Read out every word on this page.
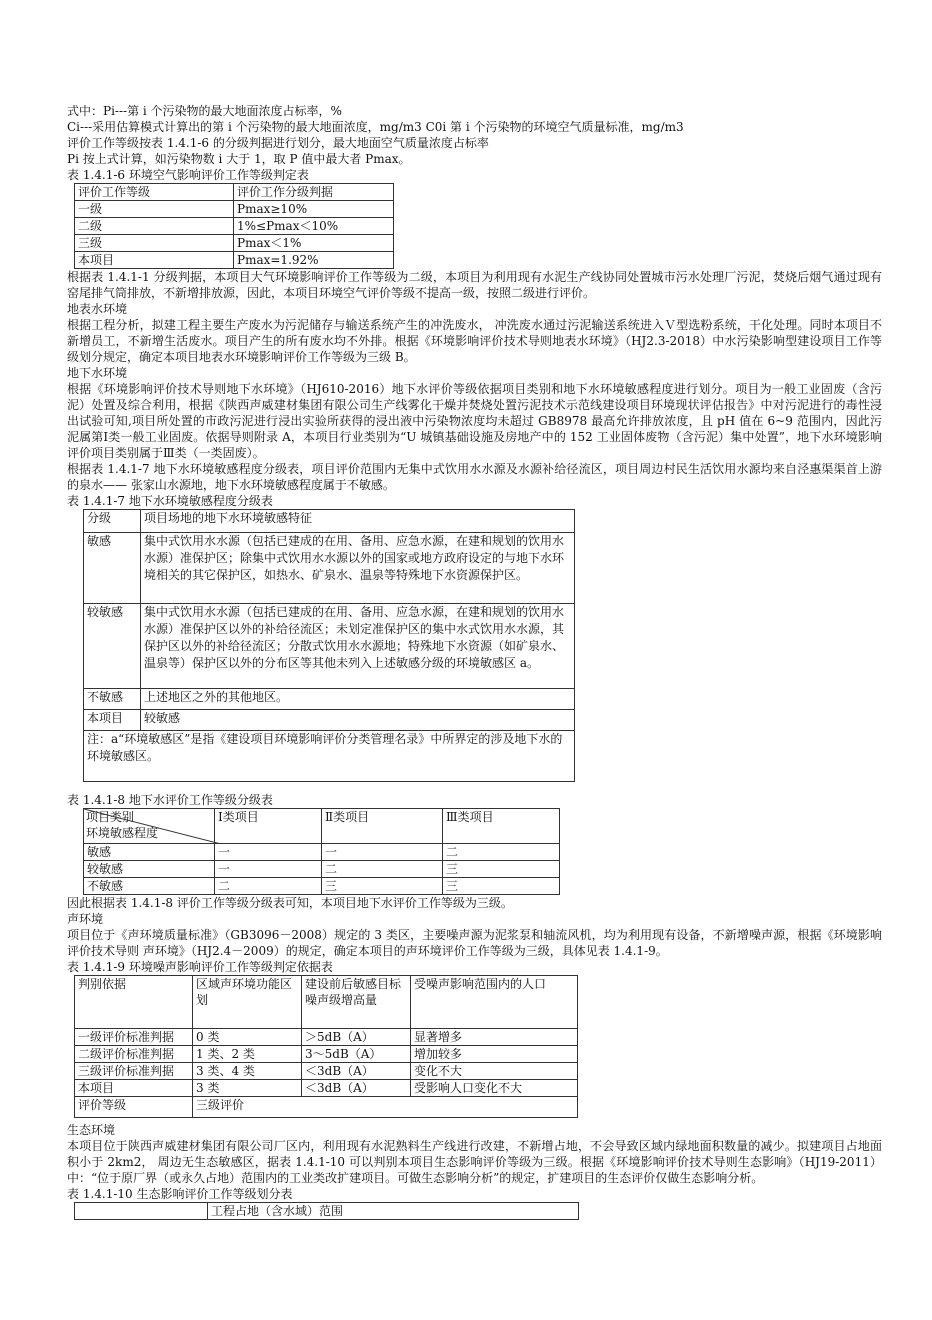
式中：Pi---第 i 个污染物的最大地面浓度占标率，%

Ci---采用估算模式计算出的第 i 个污染物的最大地面浓度，mg/m3 C0i 第 i 个污染物的环境空气质量标准，mg/m3

评价工作等级按表 1.4.1-6 的分级判据进行划分，最大地面空气质量浓度占标率

Pi 按上式计算，如污染物数 i 大于 1，取 P 值中最大者 Pmax。

表 1.4.1-6 环境空气影响评价工作等级判定表

评价工作等级	评价工作分级判据
一级	Pmax≥10%
二级	1%≤Pmax＜10%
三级	Pmax＜1%
本项目	Pmax=1.92%

根据表 1.4.1-1 分级判据，本项目大气环境影响评价工作等级为二级，本项目为利用现有水泥生产线协同处置城市污水处理厂污泥，焚烧后烟气通过现有窑尾排气筒排放，不新增排放源，因此，本项目环境空气评价等级不提高一级，按照二级进行评价。

地表水环境

根据工程分析，拟建工程主要生产废水为污泥储存与输送系统产生的冲洗废水， 冲洗废水通过污泥输送系统进入Ｖ型选粉系统，干化处理。同时本项目不新增员工，不新增生活废水。项目产生的所有废水均不外排。根据《环境影响评价技术导则地表水环境》（HJ2.3-2018）中水污染影响型建设项目工作等级划分规定，确定本项目地表水环境影响评价工作等级为三级 B。

地下水环境

根据《环境影响评价技术导则地下水环境》（HJ610-2016）地下水评价等级依据项目类别和地下水环境敏感程度进行划分。项目为一般工业固废（含污泥）处置及综合利用，根据《陕西声威建材集团有限公司生产线雾化干燥并焚烧处置污泥技术示范线建设项目环境现状评估报告》中对污泥进行的毒性浸出试验可知,项目所处置的市政污泥进行浸出实验所获得的浸出液中污染物浓度均未超过 GB8978 最高允许排放浓度，且 pH 值在 6~9 范围内，因此污泥属第Ⅰ类一般工业固废。依据导则附录 A，本项目行业类别为“U 城镇基础设施及房地产中的 152 工业固体废物（含污泥）集中处置”，地下水环境影响评价项目类别属于Ⅲ类（一类固废）。

根据表 1.4.1-7 地下水环境敏感程度分级表，项目评价范围内无集中式饮用水水源及水源补给径流区，项目周边村民生活饮用水源均来自泾惠渠渠首上游的泉水—— 张家山水源地，地下水环境敏感程度属于不敏感。

表 1.4.1-7 地下水环境敏感程度分级表

分级	项目场地的地下水环境敏感特征
敏感	集中式饮用水水源（包括已建成的在用、备用、应急水源，在建和规划的饮用水水源）准保护区；除集中式饮用水水源以外的国家或地方政府设定的与地下水环境相关的其它保护区，如热水、矿泉水、温泉等特殊地下水资源保护区。
较敏感	集中式饮用水水源（包括已建成的在用、备用、应急水源，在建和规划的饮用水水源）准保护区以外的补给径流区；未划定准保护区的集中水式饮用水水源，其保护区以外的补给径流区；分散式饮用水水源地；特殊地下水资源（如矿泉水、温泉等）保护区以外的分布区等其他未列入上述敏感分级的环境敏感区 a。
不敏感	上述地区之外的其他地区。
本项目	较敏感
注：a“环境敏感区”是指《建设项目环境影响评价分类管理名录》中所界定的涉及地下水的环境敏感区。	

表 1.4.1-8 地下水评价工作等级分级表

项目类别
环境敏感程度	Ⅰ类项目	Ⅱ类项目	Ⅲ类项目
敏感	一	一	二
较敏感	一	二	三
不敏感	二	三	三

因此根据表 1.4.1-8 评价工作等级分级表可知，本项目地下水评价工作等级为三级。

声环境

项目位于《声环境质量标准》（GB3096－2008）规定的 3 类区，主要噪声源为泥浆泵和轴流风机，均为利用现有设备，不新增噪声源，根据《环境影响评价技术导则 声环境》（HJ2.4－2009）的规定，确定本项目的声环境评价工作等级为三级，具体见表 1.4.1-9。

表 1.4.1-9 环境噪声影响评价工作等级判定依据表

判别依据	区域声环境功能区划	建设前后敏感目标噪声级增高量	受噪声影响范围内的人口
一级评价标准判据	0 类	＞5dB（A）	显著增多
二级评价标准判据	1 类、2 类	3～5dB（A）	增加较多
三级评价标准判据	3 类、4 类	＜3dB（A）	变化不大
本项目	3 类	＜3dB（A）	受影响人口变化不大
评价等级	三级评价		

生态环境

本项目位于陕西声威建材集团有限公司厂区内，利用现有水泥熟料生产线进行改建，不新增占地，不会导致区域内绿地面积数量的减少。拟建项目占地面积小于 2km2， 周边无生态敏感区，据表 1.4.1-10 可以判别本项目生态影响评价等级为三级。根据《环境影响评价技术导则生态影响》（HJ19-2011）中：“位于原厂界（或永久占地）范围内的工业类改扩建项目。可做生态影响分析”的规定，扩建项目的生态评价仅做生态影响分析。

表 1.4.1-10 生态影响评价工作等级划分表

	工程占地（含水域）范围
